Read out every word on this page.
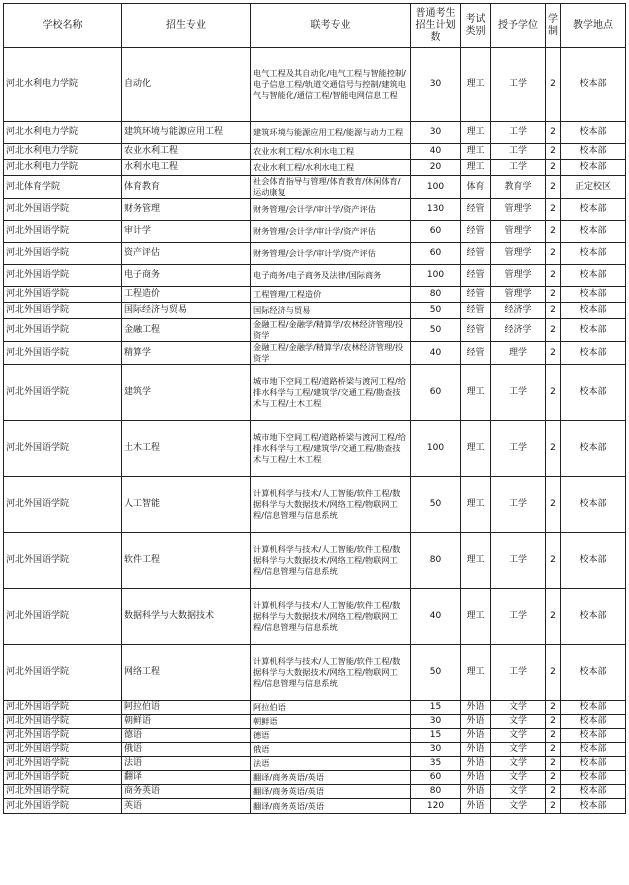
学校名称	招生专业	联考专业	普通考生招生计划数	考试类别	授予学位	学制	教学地点
河北水利电力学院	自动化	电气工程及其自动化/电气工程与智能控制/电子信息工程/轨道交通信号与控制/建筑电气与智能化/通信工程/智能电网信息工程	30	理工	工学	2	校本部
河北水利电力学院	建筑环境与能源应用工程	建筑环境与能源应用工程/能源与动力工程	30	理工	工学	2	校本部
河北水利电力学院	农业水利工程	农业水利工程/水利水电工程	40	理工	工学	2	校本部
河北水利电力学院	水利水电工程	农业水利工程/水利水电工程	20	理工	工学	2	校本部
河北体育学院	体育教育	社会体育指导与管理/体育教育/休闲体育/运动康复	100	体育	教育学	2	正定校区
河北外国语学院	财务管理	财务管理/会计学/审计学/资产评估	130	经管	管理学	2	校本部
河北外国语学院	审计学	财务管理/会计学/审计学/资产评估	60	经管	管理学	2	校本部
河北外国语学院	资产评估	财务管理/会计学/审计学/资产评估	60	经管	管理学	2	校本部
河北外国语学院	电子商务	电子商务/电子商务及法律/国际商务	100	经管	管理学	2	校本部
河北外国语学院	工程造价	工程管理/工程造价	80	经管	管理学	2	校本部
河北外国语学院	国际经济与贸易	国际经济与贸易	50	经管	经济学	2	校本部
河北外国语学院	金融工程	金融工程/金融学/精算学/农林经济管理/投资学	50	经管	经济学	2	校本部
河北外国语学院	精算学	金融工程/金融学/精算学/农林经济管理/投资学	40	经管	理学	2	校本部
河北外国语学院	建筑学	城市地下空间工程/道路桥梁与渡河工程/给排水科学与工程/建筑学/交通工程/勘查技术与工程/土木工程	60	理工	工学	2	校本部
河北外国语学院	土木工程	城市地下空间工程/道路桥梁与渡河工程/给排水科学与工程/建筑学/交通工程/勘查技术与工程/土木工程	100	理工	工学	2	校本部
河北外国语学院	人工智能	计算机科学与技术/人工智能/软件工程/数据科学与大数据技术/网络工程/物联网工程/信息管理与信息系统	50	理工	工学	2	校本部
河北外国语学院	软件工程	计算机科学与技术/人工智能/软件工程/数据科学与大数据技术/网络工程/物联网工程/信息管理与信息系统	80	理工	工学	2	校本部
河北外国语学院	数据科学与大数据技术	计算机科学与技术/人工智能/软件工程/数据科学与大数据技术/网络工程/物联网工程/信息管理与信息系统	40	理工	工学	2	校本部
河北外国语学院	网络工程	计算机科学与技术/人工智能/软件工程/数据科学与大数据技术/网络工程/物联网工程/信息管理与信息系统	50	理工	工学	2	校本部
河北外国语学院	阿拉伯语	阿拉伯语	15	外语	文学	2	校本部
河北外国语学院	朝鲜语	朝鲜语	30	外语	文学	2	校本部
河北外国语学院	德语	德语	15	外语	文学	2	校本部
河北外国语学院	俄语	俄语	30	外语	文学	2	校本部
河北外国语学院	法语	法语	35	外语	文学	2	校本部
河北外国语学院	翻译	翻译/商务英语/英语	60	外语	文学	2	校本部
河北外国语学院	商务英语	翻译/商务英语/英语	80	外语	文学	2	校本部
河北外国语学院	英语	翻译/商务英语/英语	120	外语	文学	2	校本部
